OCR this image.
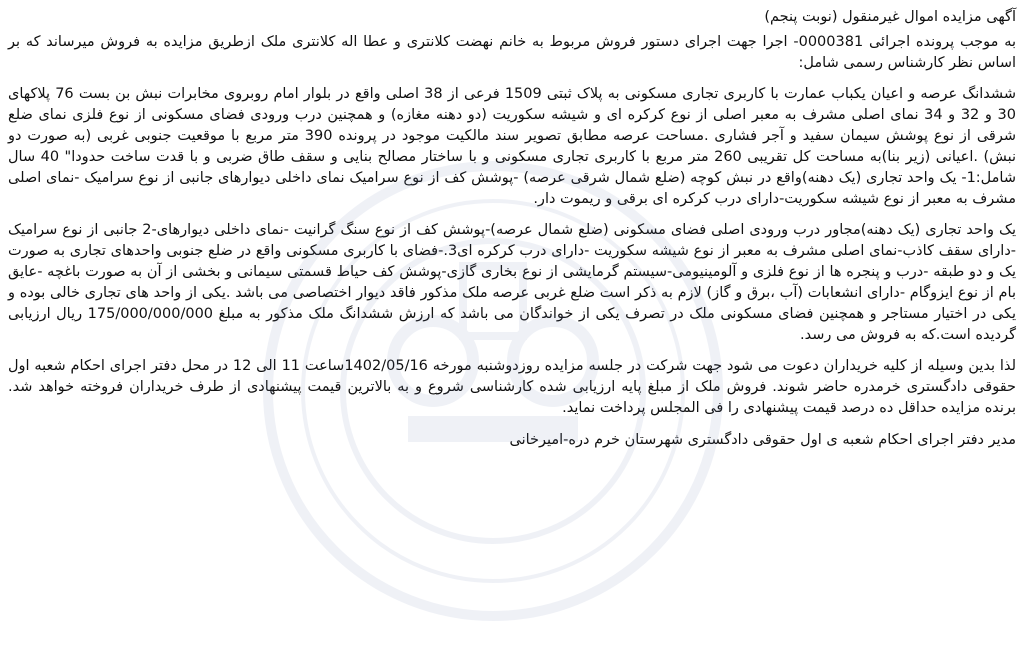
آگهی مزایده اموال غیرمنقول (نوبت پنجم)

به موجب پرونده اجرائی 0000381- اجرا جهت اجرای دستور فروش مربوط به خانم نهضت کلانتری و عطا اله کلانتری ملک ازطریق مزایده به فروش میرساند که بر اساس نظر کارشناس رسمی شامل:

ششدانگ عرصه و اعیان یکباب عمارت با کاربری تجاری مسکونی به پلاک ثبتی 1509 فرعی از 38 اصلی واقع در بلوار امام روبروی مخابرات نبش بن بست 76 پلاکهای 30 و 32 و 34 نمای اصلی مشرف به معبر اصلی از نوع کرکره ای و شیشه سکوریت (دو دهنه مغازه) و همچنین درب ورودی فضای مسکونی از نوع فلزی نمای ضلع شرقی از نوع پوشش سیمان سفید و آجر فشاری .مساحت عرصه مطابق تصویر سند مالکیت موجود در پرونده 390 متر مربع با موقعیت جنوبی غربی (به صورت دو نبش) .اعیانی (زیر بنا)به مساحت کل تقریبی 260 متر مربع با کاربری تجاری مسکونی و با ساختار مصالح بنایی و سقف طاق ضربی و با قدت ساخت حدودا" 40 سال شامل:1- یک واحد تجاری (یک دهنه)واقع در نبش کوچه (ضلع شمال شرقی عرصه) -پوشش کف از نوع سرامیک نمای داخلی دیوارهای جانبی از نوع سرامیک -نمای اصلی مشرف به معبر از نوع شیشه سکوریت-دارای درب کرکره ای برقی و ریموت دار.

یک واحد تجاری (یک دهنه)مجاور درب ورودی اصلی فضای مسکونی (ضلع شمال عرصه)-پوشش کف از نوع سنگ گرانیت -نمای داخلی دیوارهای-2 جانبی از نوع سرامیک -دارای سقف کاذب-نمای اصلی مشرف به معبر از نوع شیشه سکوریت -دارای درب کرکره ای3.-فضای با کاربری مسکونی واقع در ضلع جنوبی واحدهای تجاری به صورت یک و دو طبقه -درب و پنجره ها از نوع فلزی و آلومینیومی-سیستم گرمایشی از نوع بخاری گازی-پوشش کف حیاط قسمتی سیمانی و بخشی از آن به صورت باغچه -عایق بام از نوع ایزوگام -دارای انشعابات (آب ،برق و گاز) لازم به ذکر است ضلع غربی عرصه ملک مذکور فاقد دیوار اختصاصی می باشد .یکی از واحد های تجاری خالی بوده و یکی در اختیار مستاجر و همچنین فضای مسکونی ملک در تصرف یکی از خواندگان می باشد که ارزش ششدانگ ملک مذکور به مبلغ 175/000/000/000 ریال ارزیابی گردیده است.که به فروش می رسد.

لذا بدین وسیله از کلیه خریداران دعوت می شود جهت شرکت در جلسه مزایده روزدوشنبه مورخه 1402/05/16ساعت 11 الی 12 در محل دفتر اجرای احکام شعبه اول حقوقی دادگستری خرمدره حاضر شوند. فروش ملک از مبلغ پایه ارزیابی شده کارشناسی شروع و به بالاترین قیمت پیشنهادی از طرف خریداران فروخته خواهد شد. برنده مزایده حداقل ده درصد قیمت پیشنهادی را فی المجلس پرداخت نماید.

مدیر دفتر اجرای احکام شعبه ی اول حقوقی دادگستری شهرستان خرم دره-امیرخانی
